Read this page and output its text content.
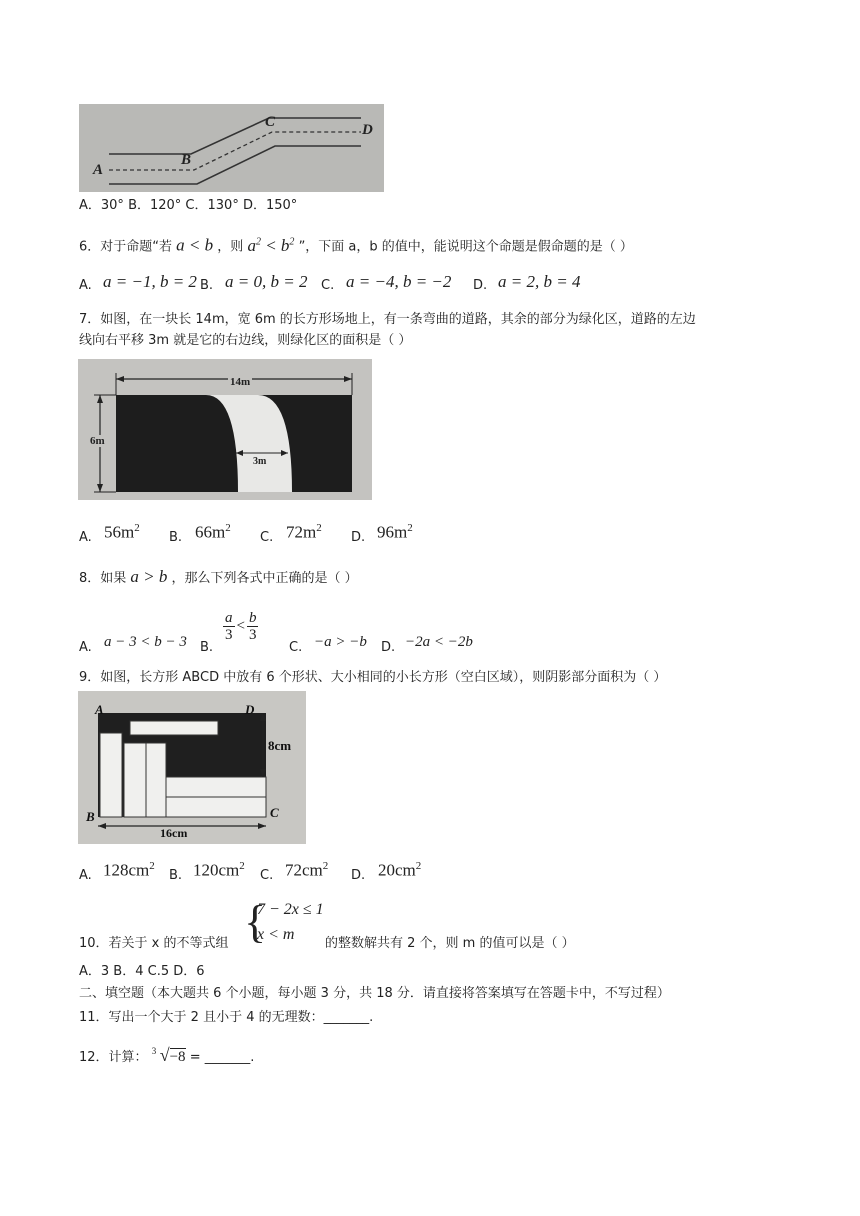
A
B
C	D
A．30° B．120° C．130° D．150°
6．对于命题“若 a < b ，则 $a^2 < b^2$ ”，下面 a，b 的值中，能说明这个命题是假命题的是（ ）
A. a = −1, b = 2 B. a = 0, b = 2 C. a = −4, b = −2 D. a = 2, b = 4
7．如图，在一块长 14m，宽 6m 的长方形场地上，有一条弯曲的道路，其余的部分为绿化区，道路的左边
线向右平移 3m 就是它的右边线，则绿化区的面积是（ ）
14m
6m
3m
A. $56m^2$
B. $66m^2$
C. $72m^2$
D. $96m^2$
8．如果 a > b ，那么下列各式中正确的是（ ）
A. a − 3 < b − 3 B.
$\frac{a}{3} < \frac{b}{3}$
C. −a > −b D. −2a < −2b
9．如图，长方形 ABCD 中放有 6 个形状、大小相同的小长方形（空白区域），则阴影部分面积为（ ）
A	D
B	C
8cm
16cm
A. $128cm^2$
B. $120cm^2$
C. $72cm^2$
D. $20cm^2$
{
7 − 2x ≤ 1
x < m
10．若关于 x 的不等式组	的整数解共有 2 个，则 m 的值可以是（ ）
A．3 B．4 C.5 D．6
二、填空题（本大题共 6 个小题，每小题 3 分，共 18 分．请直接将答案填写在答题卡中，不写过程）
11．写出一个大于 2 且小于 4 的无理数：_______.
12．计算： 3 √−8 = _______.
